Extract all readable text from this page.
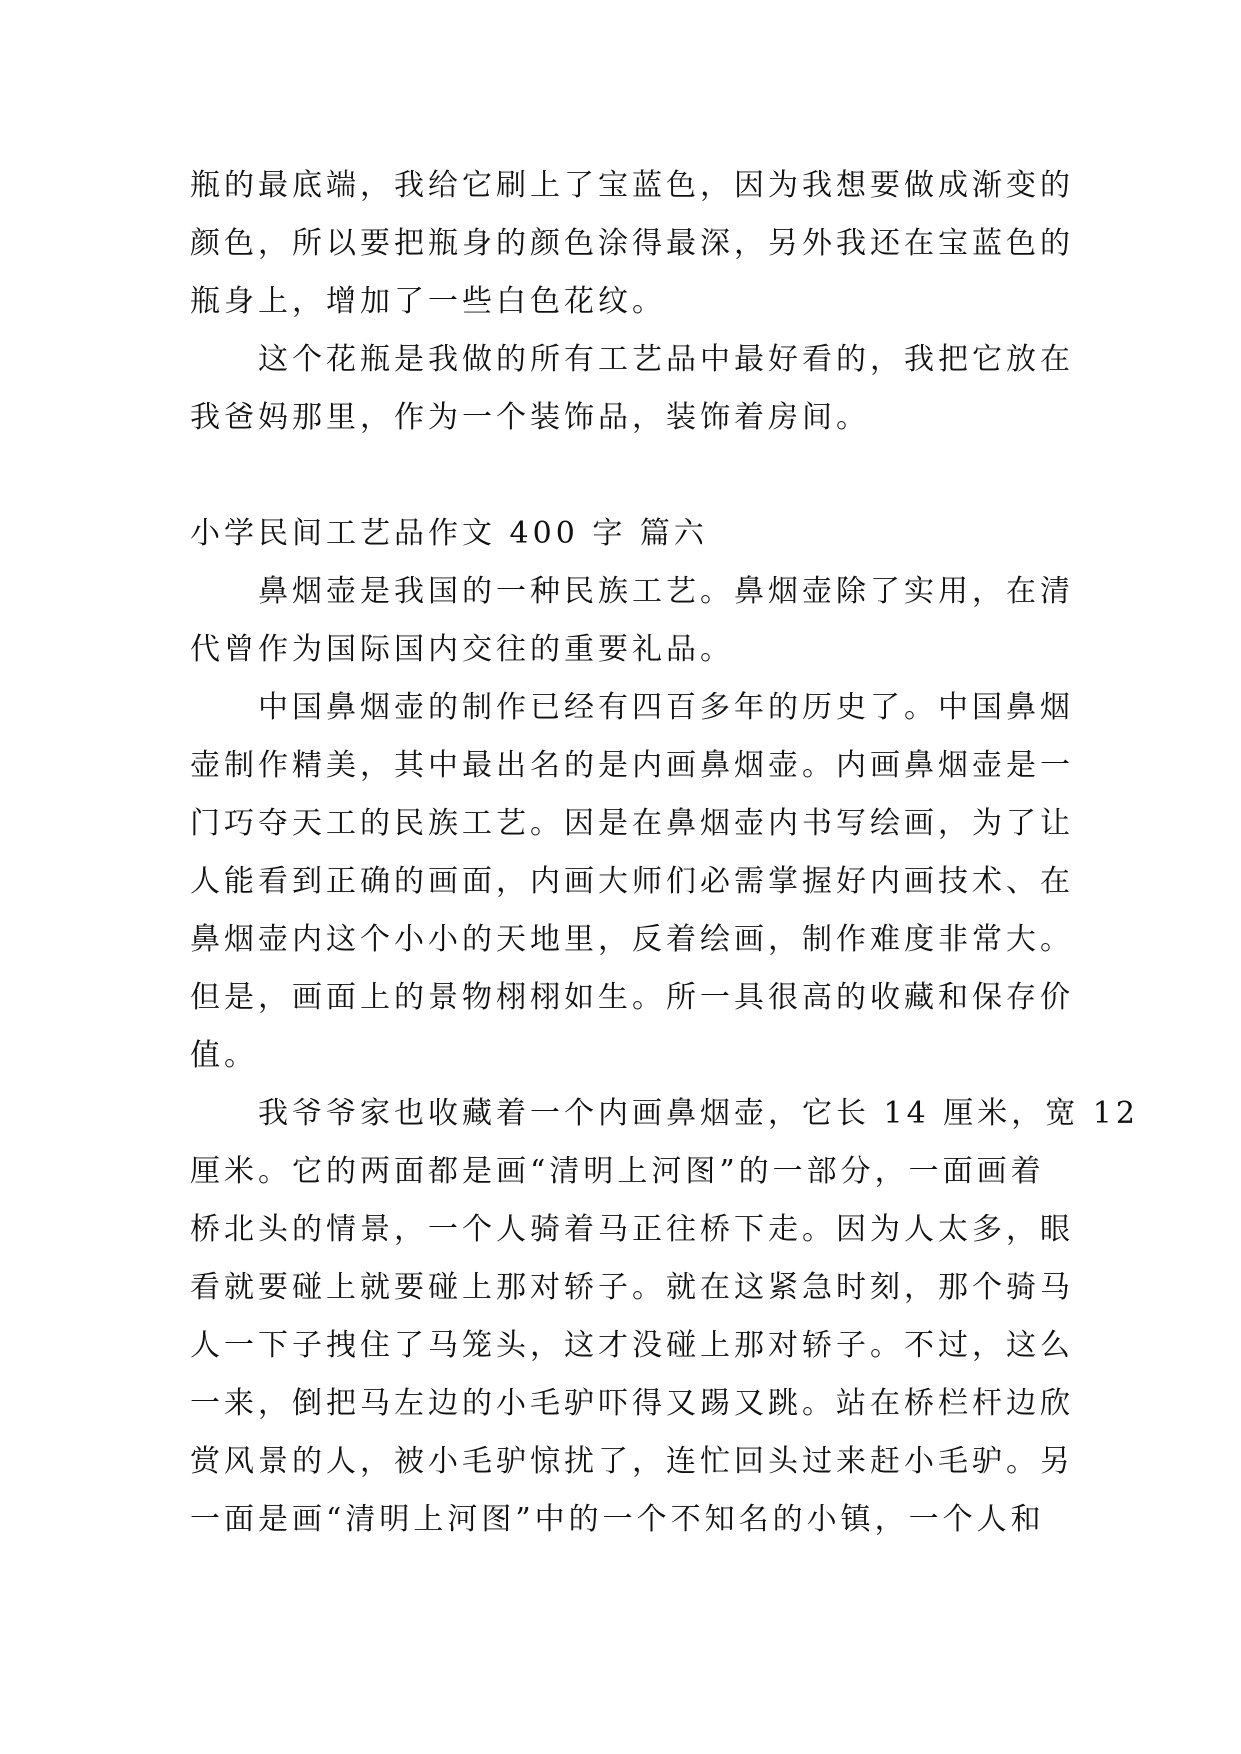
瓶的最底端，我给它刷上了宝蓝色，因为我想要做成渐变的
颜色，所以要把瓶身的颜色涂得最深，另外我还在宝蓝色的
瓶身上，增加了一些白色花纹。

这个花瓶是我做的所有工艺品中最好看的，我把它放在
我爸妈那里，作为一个装饰品，装饰着房间。

小学民间工艺品作文 400 字 篇六

鼻烟壶是我国的一种民族工艺。鼻烟壶除了实用，在清
代曾作为国际国内交往的重要礼品。

中国鼻烟壶的制作已经有四百多年的历史了。中国鼻烟
壶制作精美，其中最出名的是内画鼻烟壶。内画鼻烟壶是一
门巧夺天工的民族工艺。因是在鼻烟壶内书写绘画，为了让
人能看到正确的画面，内画大师们必需掌握好内画技术、在
鼻烟壶内这个小小的天地里，反着绘画，制作难度非常大。
但是，画面上的景物栩栩如生。所一具很高的收藏和保存价
值。

我爷爷家也收藏着一个内画鼻烟壶，它长 14 厘米，宽 12
厘米。它的两面都是画“清明上河图”的一部分，一面画着
桥北头的情景，一个人骑着马正往桥下走。因为人太多，眼
看就要碰上就要碰上那对轿子。就在这紧急时刻，那个骑马
人一下子拽住了马笼头，这才没碰上那对轿子。不过，这么
一来，倒把马左边的小毛驴吓得又踢又跳。站在桥栏杆边欣
赏风景的人，被小毛驴惊扰了，连忙回头过来赶小毛驴。另
一面是画“清明上河图”中的一个不知名的小镇，一个人和
